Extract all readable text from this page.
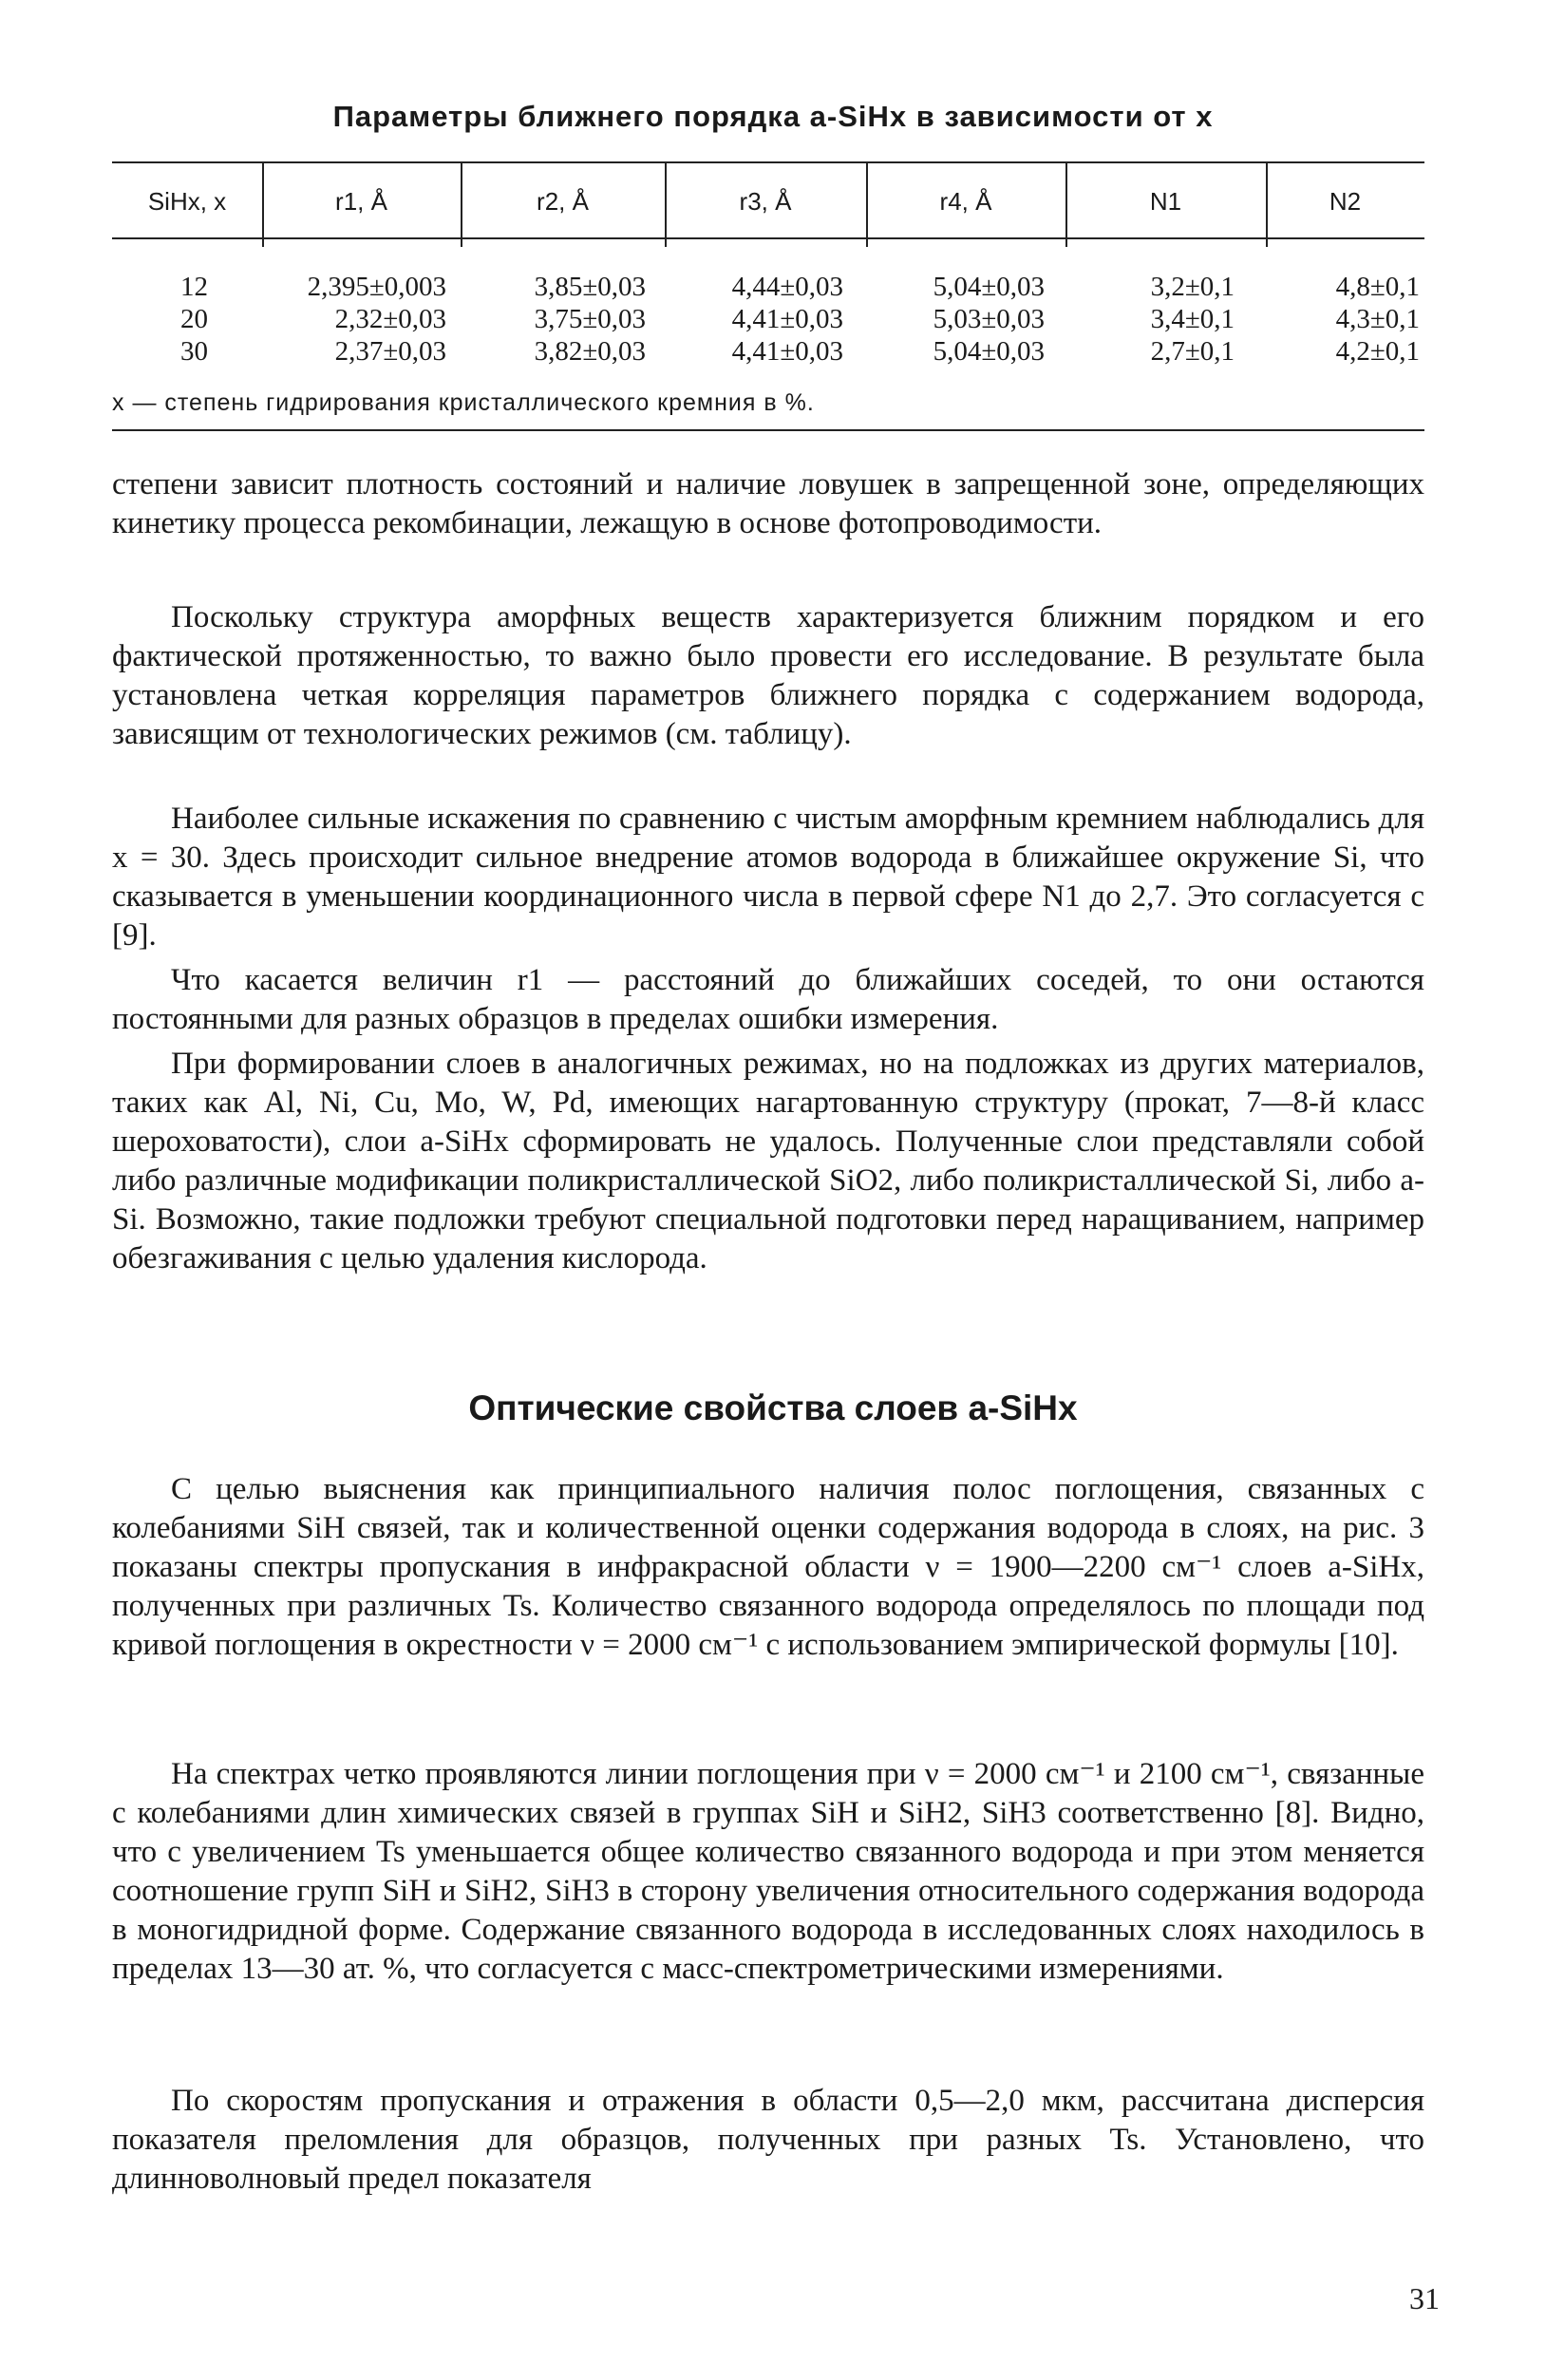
Параметры ближнего порядка a-SiHx в зависимости от x
SiHx, x	r1, Å	r2, Å	r3, Å	r4, Å	N1	N2
12	2,395±0,003	3,85±0,03	4,44±0,03	5,04±0,03	3,2±0,1	4,8±0,1
20	2,32±0,03	3,75±0,03	4,41±0,03	5,03±0,03	3,4±0,1	4,3±0,1
30	2,37±0,03	3,82±0,03	4,41±0,03	5,04±0,03	2,7±0,1	4,2±0,1
x — степень гидрирования кристаллического кремния в %.

степени зависит плотность состояний и наличие ловушек в запрещенной зоне, определяющих кинетику процесса рекомбинации, лежащую в основе фотопроводимости.

Поскольку структура аморфных веществ характеризуется ближним порядком и его фактической протяженностью, то важно было провести его исследование. В результате была установлена четкая корреляция параметров ближнего порядка с содержанием водорода, зависящим от технологических режимов (см. таблицу).

Наиболее сильные искажения по сравнению с чистым аморфным кремнием наблюдались для x = 30. Здесь происходит сильное внедрение атомов водорода в ближайшее окружение Si, что сказывается в уменьшении координационного числа в первой сфере N1 до 2,7. Это согласуется с [9].

Что касается величин r1 — расстояний до ближайших соседей, то они остаются постоянными для разных образцов в пределах ошибки измерения.

При формировании слоев в аналогичных режимах, но на подложках из других материалов, таких как Al, Ni, Cu, Mo, W, Pd, имеющих нагартованную структуру (прокат, 7—8-й класс шероховатости), слои a-SiHx сформировать не удалось. Полученные слои представляли собой либо различные модификации поликристаллической SiO2, либо поликристаллической Si, либо a-Si. Возможно, такие подложки требуют специальной подготовки перед наращиванием, например обезгаживания с целью удаления кислорода.

Оптические свойства слоев a-SiHx

С целью выяснения как принципиального наличия полос поглощения, связанных с колебаниями SiH связей, так и количественной оценки содержания водорода в слоях, на рис. 3 показаны спектры пропускания в инфракрасной области ν = 1900—2200 см⁻¹ слоев a-SiHx, полученных при различных Ts. Количество связанного водорода определялось по площади под кривой поглощения в окрестности ν = 2000 см⁻¹ с использованием эмпирической формулы [10].

На спектрах четко проявляются линии поглощения при ν = 2000 см⁻¹ и 2100 см⁻¹, связанные с колебаниями длин химических связей в группах SiH и SiH2, SiH3 соответственно [8]. Видно, что с увеличением Ts уменьшается общее количество связанного водорода и при этом меняется соотношение групп SiH и SiH2, SiH3 в сторону увеличения относительного содержания водорода в моногидридной форме. Содержание связанного водорода в исследованных слоях находилось в пределах 13—30 ат. %, что согласуется с масс-спектрометрическими измерениями.

По скоростям пропускания и отражения в области 0,5—2,0 мкм, рассчитана дисперсия показателя преломления для образцов, полученных при разных Ts. Установлено, что длинноволновый предел показателя

31
